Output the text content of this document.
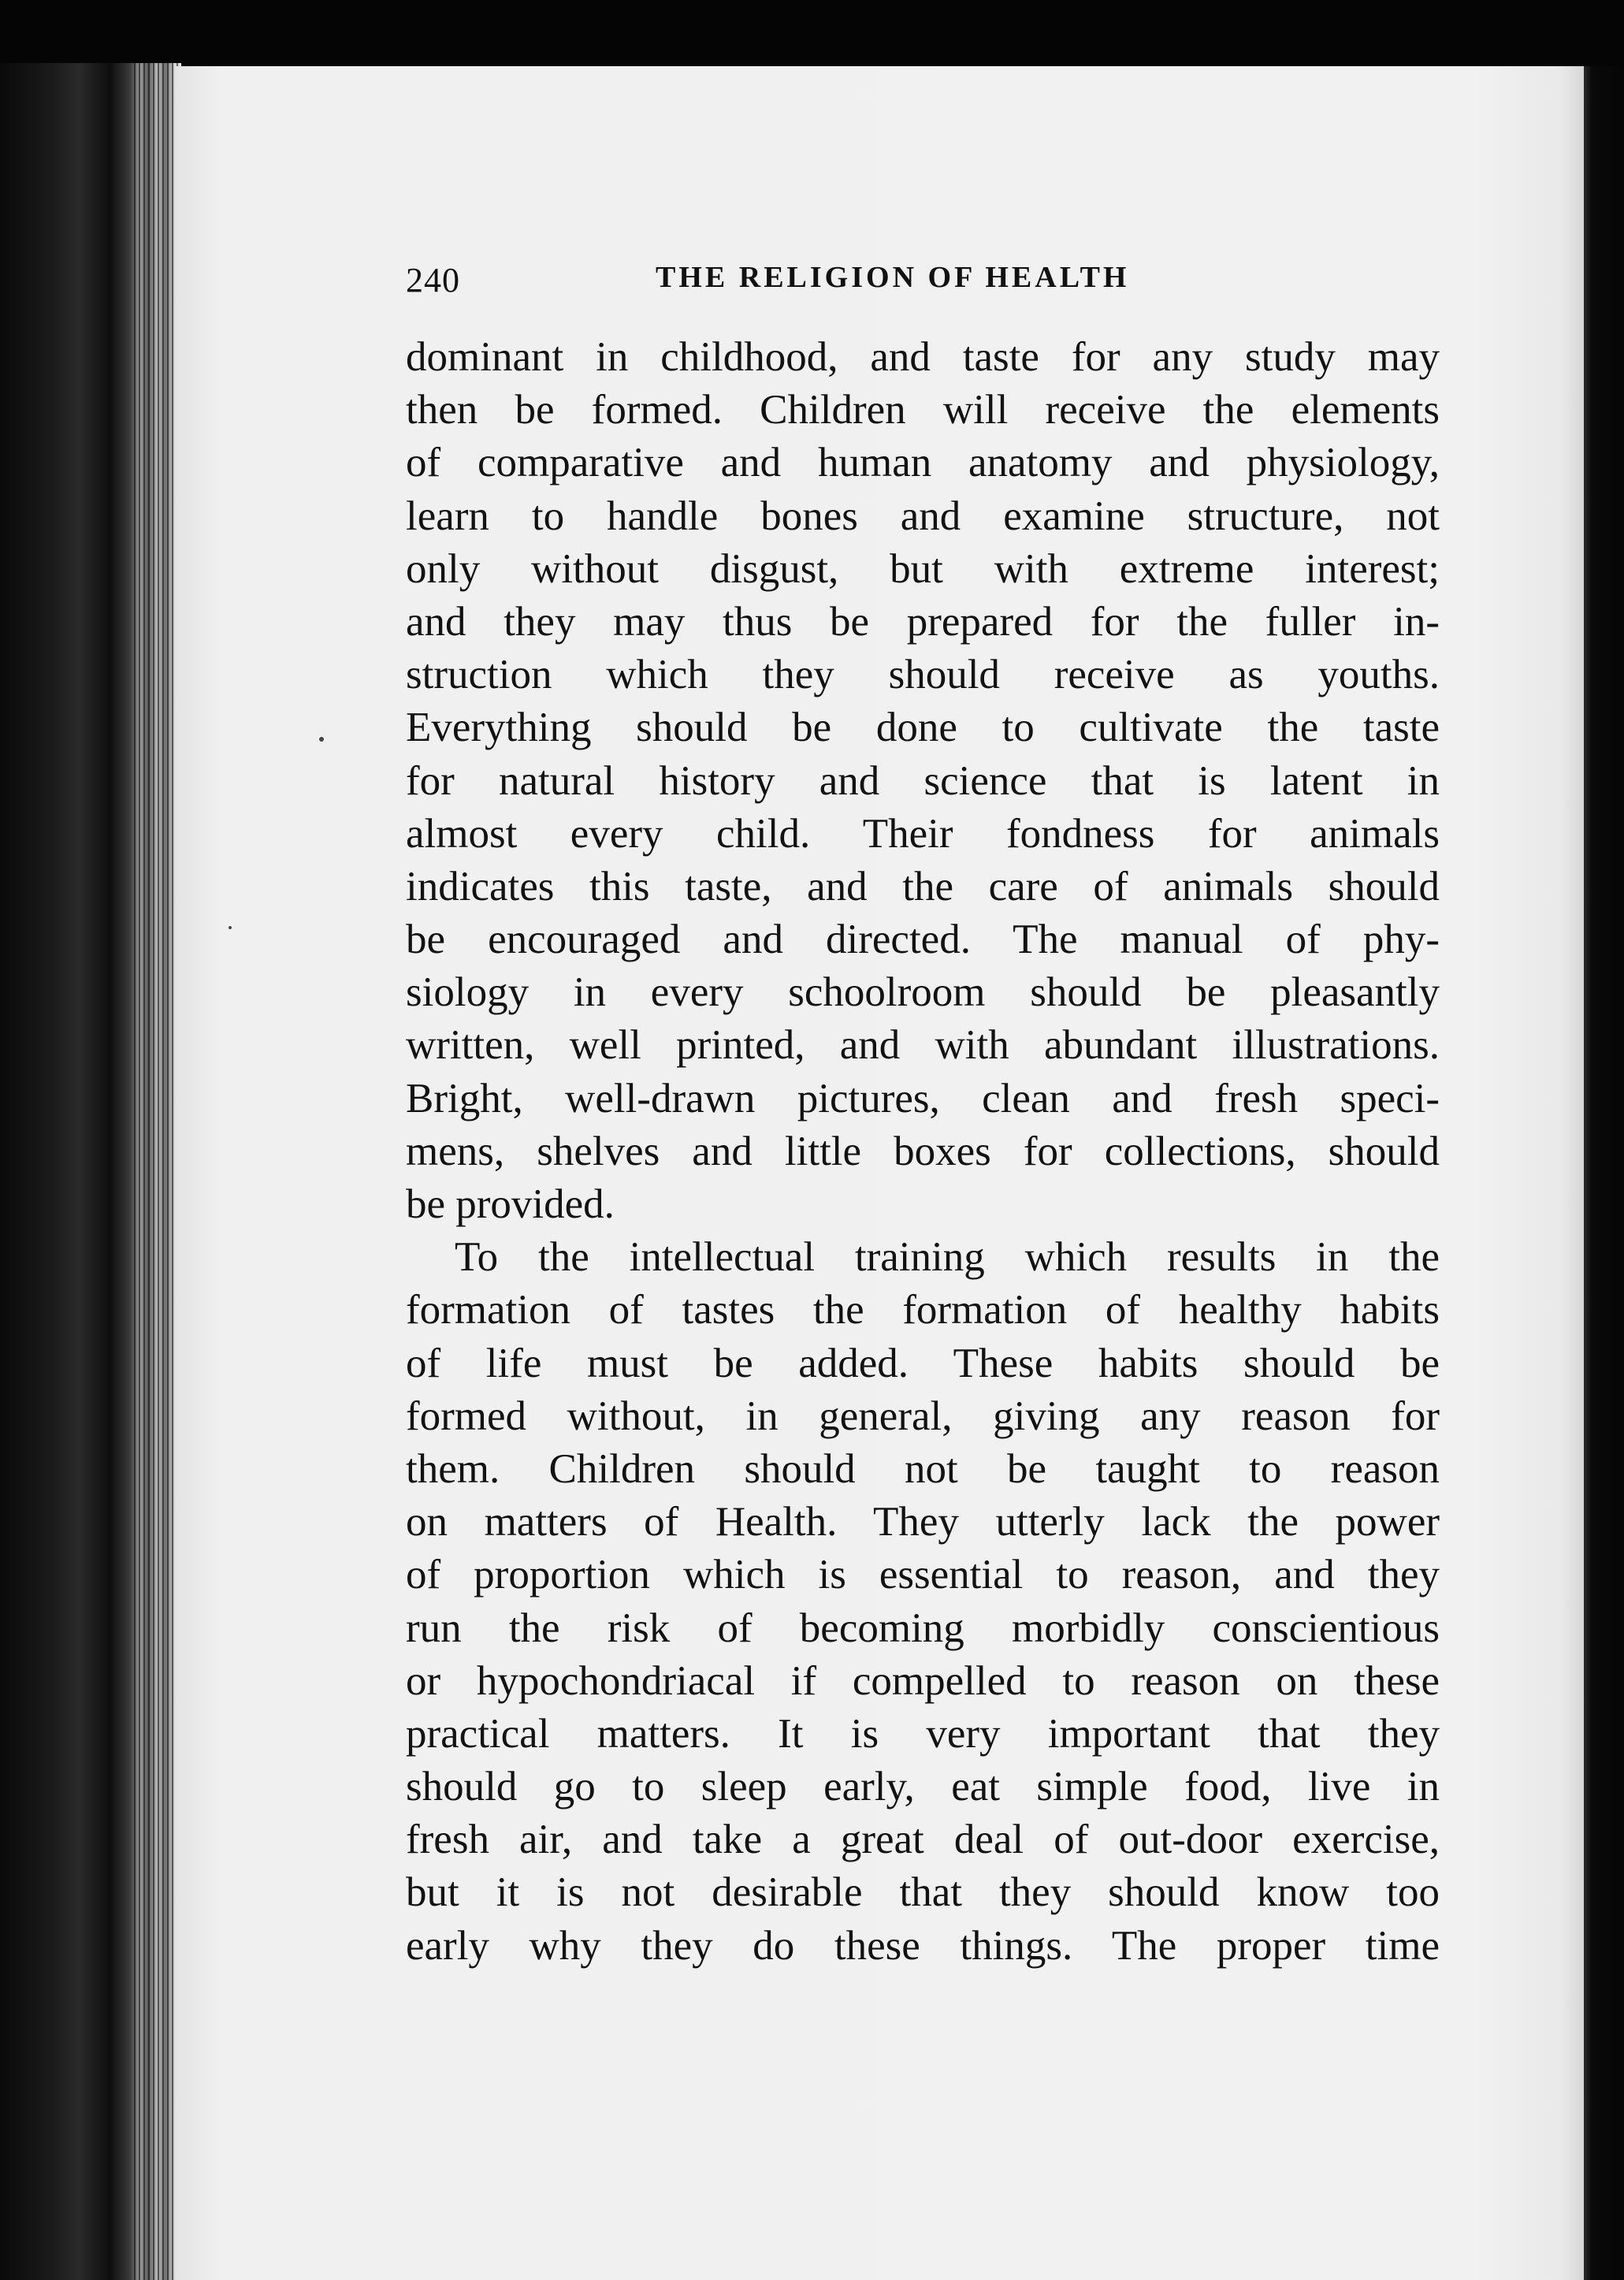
240	THE RELIGION OF HEALTH
dominant in childhood, and taste for any study may
then be formed. Children will receive the elements
of comparative and human anatomy and physiology,
learn to handle bones and examine structure, not
only without disgust, but with extreme interest;
and they may thus be prepared for the fuller in-
struction which they should receive as youths.
Everything should be done to cultivate the taste
for natural history and science that is latent in
almost every child. Their fondness for animals
indicates this taste, and the care of animals should
be encouraged and directed. The manual of phy-
siology in every schoolroom should be pleasantly
written, well printed, and with abundant illustrations.
Bright, well-drawn pictures, clean and fresh speci-
mens, shelves and little boxes for collections, should
be provided.
To the intellectual training which results in the
formation of tastes the formation of healthy habits
of life must be added. These habits should be
formed without, in general, giving any reason for
them. Children should not be taught to reason
on matters of Health. They utterly lack the power
of proportion which is essential to reason, and they
run the risk of becoming morbidly conscientious
or hypochondriacal if compelled to reason on these
practical matters. It is very important that they
should go to sleep early, eat simple food, live in
fresh air, and take a great deal of out-door exercise,
but it is not desirable that they should know too
early why they do these things. The proper time
